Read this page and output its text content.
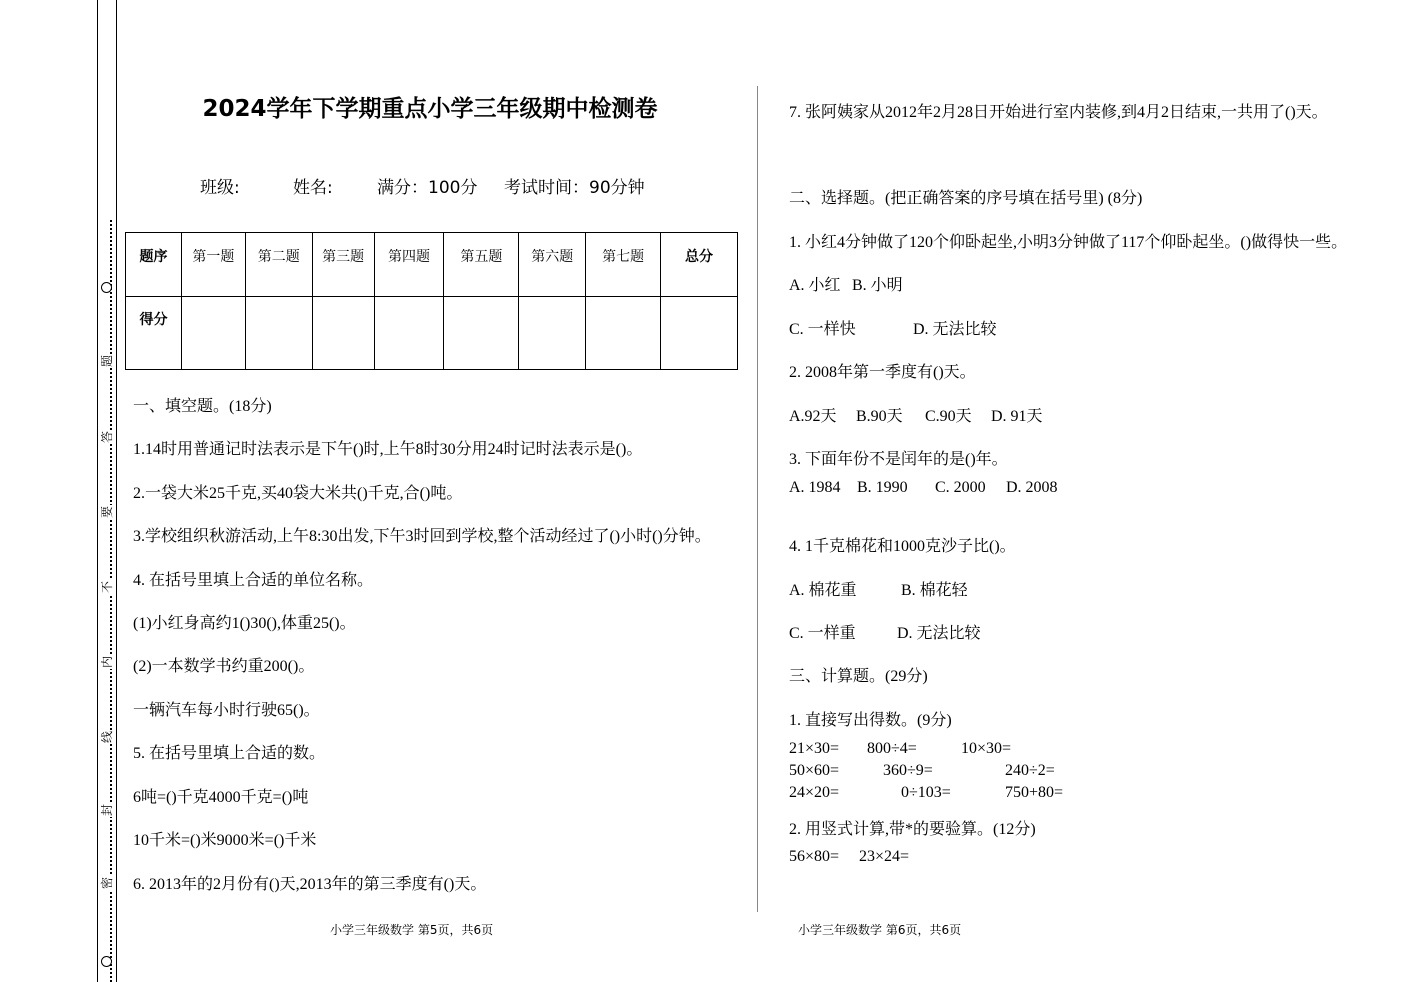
题
答
要
不
内
线
封
密
2024学年下学期重点小学三年级期中检测卷
班级:	姓名:	满分：100分 考试时间：90分钟
题序	第一题	第二题	第三题	第四题	第五题	第六题	第七题	总分
得分								
一、填空题。(18分)
1.14时用普通记时法表示是下午()时,上午8时30分用24时记时法表示是()。
2.一袋大米25千克,买40袋大米共()千克,合()吨。
3.学校组织秋游活动,上午8:30出发,下午3时回到学校,整个活动经过了()小时()分钟。
4. 在括号里填上合适的单位名称。
(1)小红身高约1()30(),体重25()。
(2)一本数学书约重200()。
一辆汽车每小时行驶65()。
5. 在括号里填上合适的数。
6吨=()千克4000千克=()吨
10千米=()米9000米=()千米
6. 2013年的2月份有()天,2013年的第三季度有()天。
小学三年级数学 第5页，共6页
7. 张阿姨家从2012年2月28日开始进行室内装修,到4月2日结束,一共用了()天。
二、选择题。(把正确答案的序号填在括号里) (8分)
1. 小红4分钟做了120个仰卧起坐,小明3分钟做了117个仰卧起坐。()做得快一些。
A. 小红 B. 小明
C. 一样快	D. 无法比较
2. 2008年第一季度有()天。
A.92天 B.90天 C.90天 D. 91天
3. 下面年份不是闰年的是()年。
A. 1984 B. 1990 C. 2000 D. 2008
4. 1千克棉花和1000克沙子比()。
A. 棉花重	B. 棉花轻
C. 一样重	D. 无法比较
三、计算题。(29分)
1. 直接写出得数。(9分)
21×30= 800÷4=	10×30=
50×60=	360÷9=	240÷2=
24×20=	0÷103=	750+80=
2. 用竖式计算,带*的要验算。(12分)
56×80= 23×24=
小学三年级数学 第6页，共6页
